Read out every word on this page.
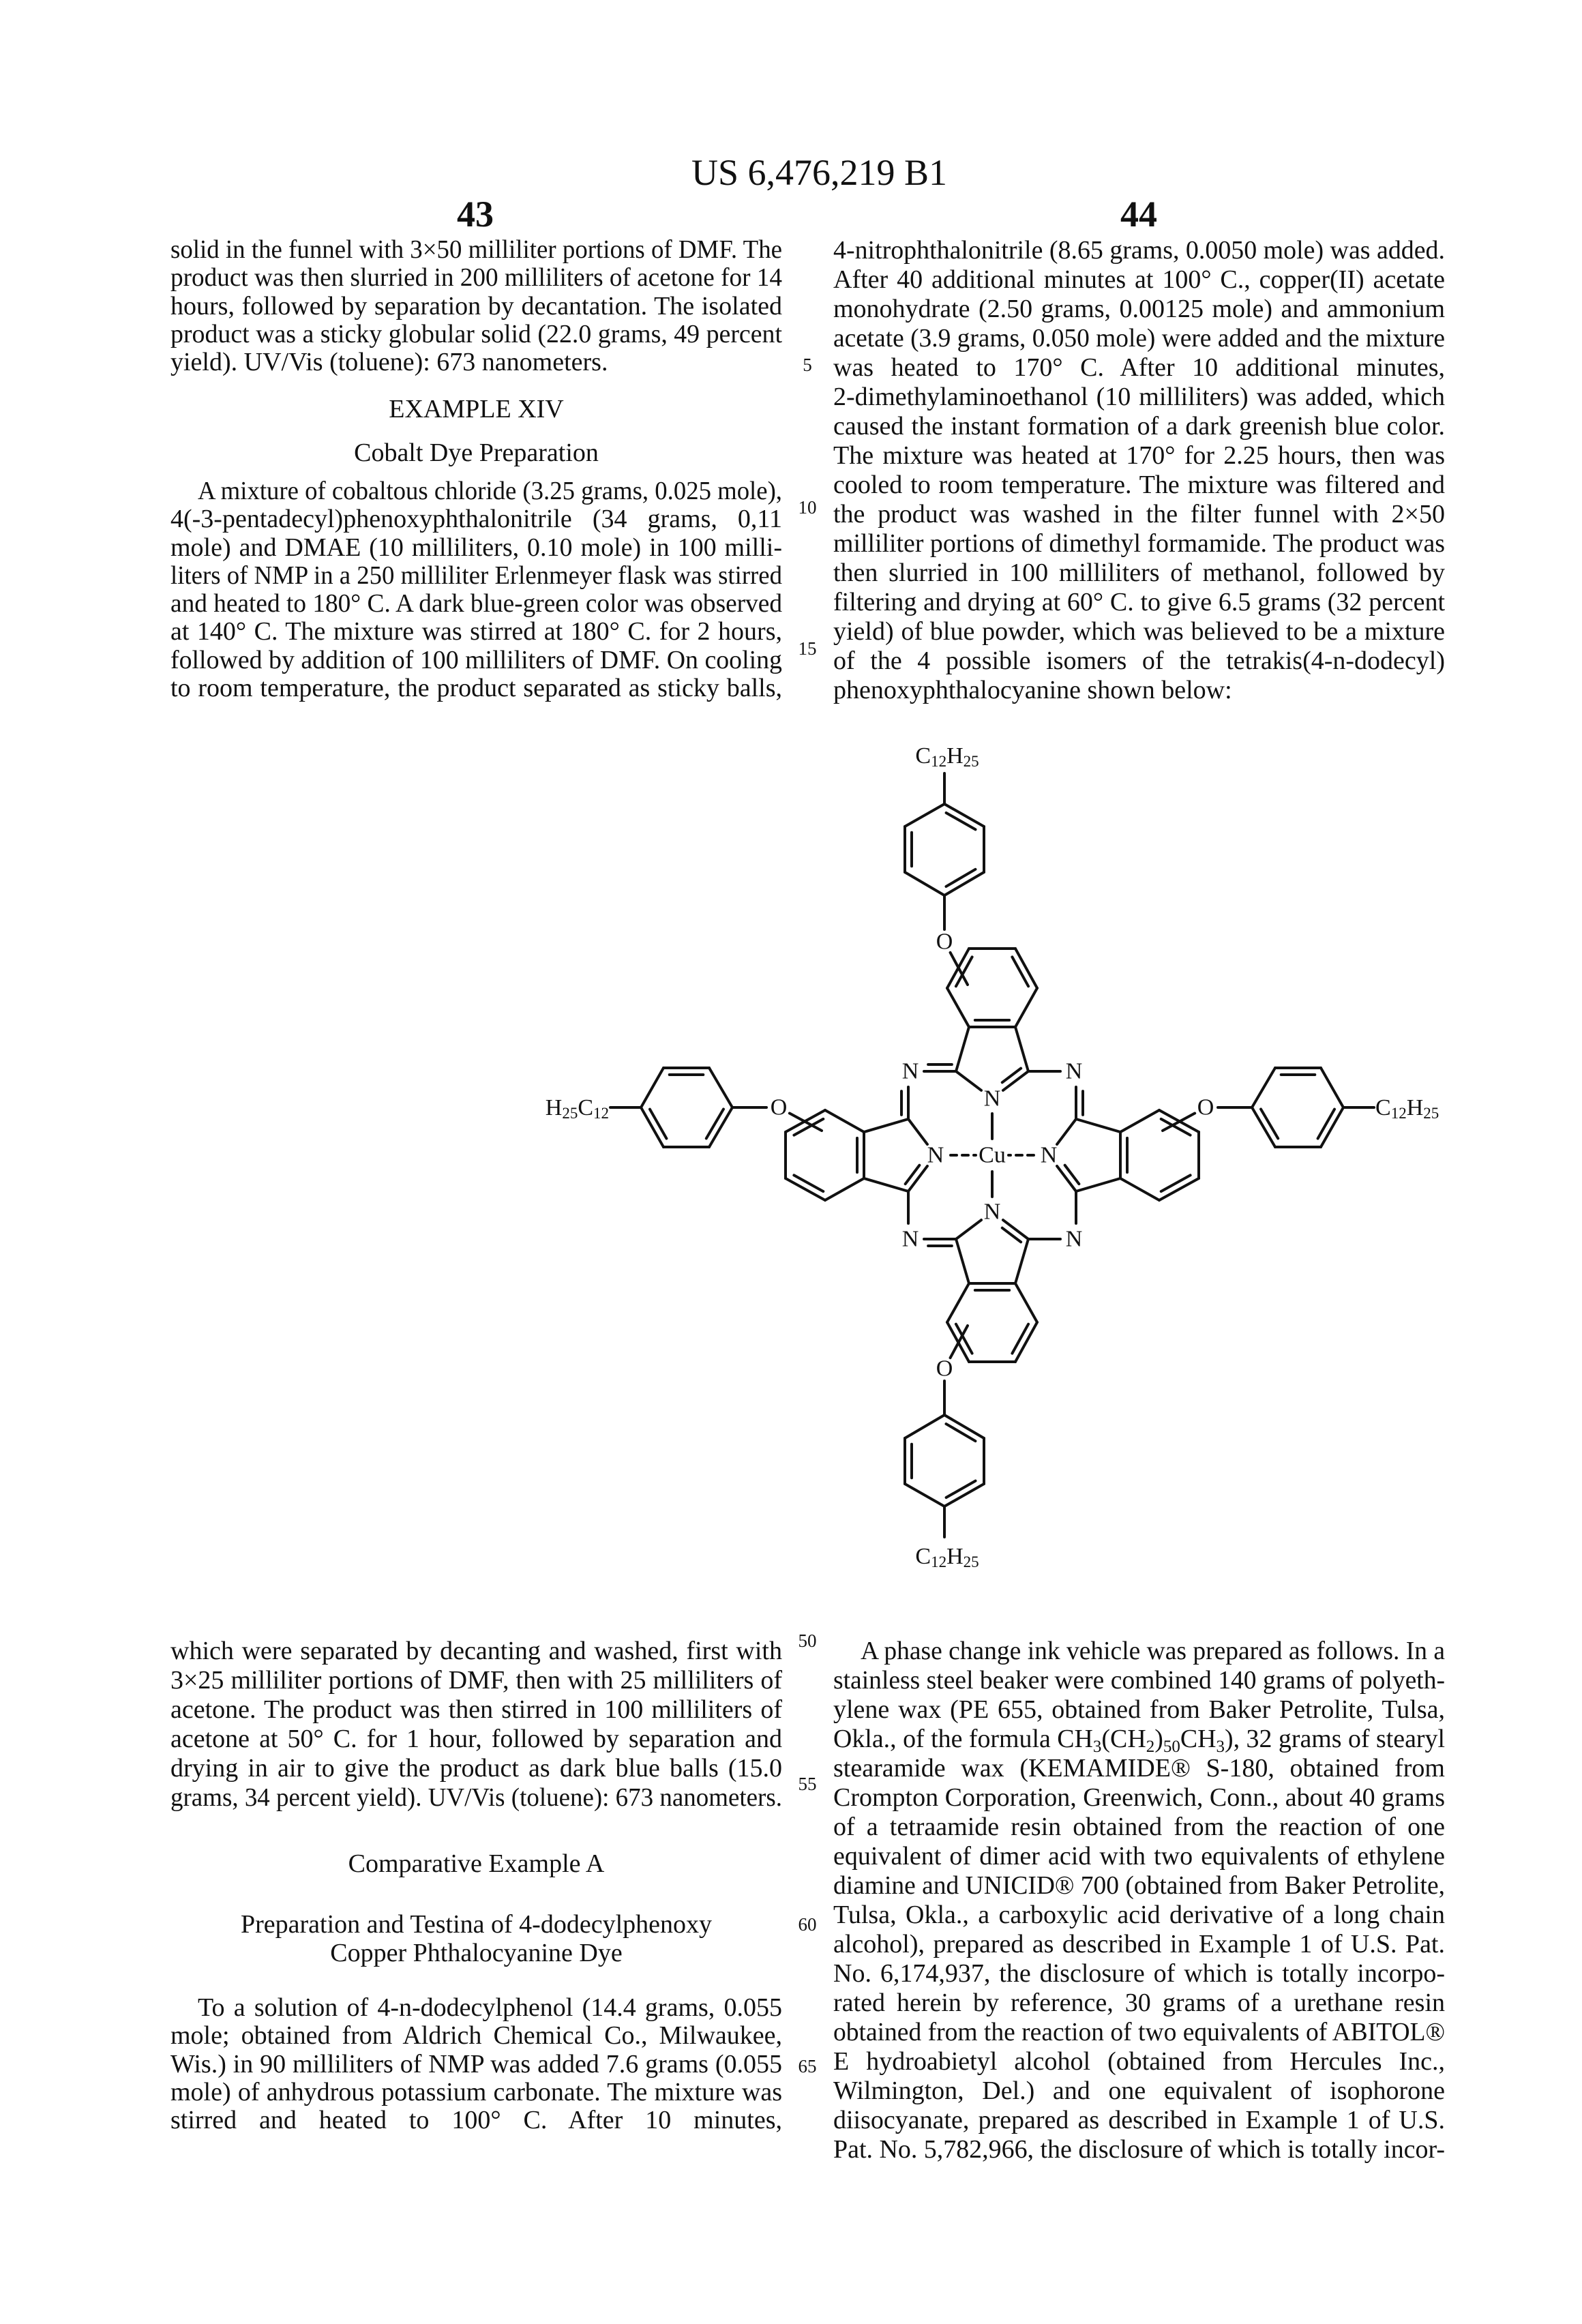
US 6,476,219 B1
43	44
solid in the funnel with 3×50 milliliter portions of DMF. The
product was then slurried in 200 milliliters of acetone for 14
hours, followed by separation by decantation. The isolated
product was a sticky globular solid (22.0 grams, 49 percent
yield). UV/Vis (toluene): 673 nanometers.
EXAMPLE XIV
Cobalt Dye Preparation
A mixture of cobaltous chloride (3.25 grams, 0.025 mole),
4(-3-pentadecyl)phenoxyphthalonitrile (34 grams, 0,11
mole) and DMAE (10 milliliters, 0.10 mole) in 100 milli-
liters of NMP in a 250 milliliter Erlenmeyer flask was stirred
and heated to 180° C. A dark blue-green color was observed
at 140° C. The mixture was stirred at 180° C. for 2 hours,
followed by addition of 100 milliliters of DMF. On cooling
to room temperature, the product separated as sticky balls,
which were separated by decanting and washed, first with
3×25 milliliter portions of DMF, then with 25 milliliters of
acetone. The product was then stirred in 100 milliliters of
acetone at 50° C. for 1 hour, followed by separation and
drying in air to give the product as dark blue balls (15.0
grams, 34 percent yield). UV/Vis (toluene): 673 nanometers.
Comparative Example A
Preparation and Testina of 4-dodecylphenoxy
Copper Phthalocyanine Dye
To a solution of 4-n-dodecylphenol (14.4 grams, 0.055
mole; obtained from Aldrich Chemical Co., Milwaukee,
Wis.) in 90 milliliters of NMP was added 7.6 grams (0.055
mole) of anhydrous potassium carbonate. The mixture was
stirred and heated to 100° C. After 10 minutes,
4-nitrophthalonitrile (8.65 grams, 0.0050 mole) was added.
After 40 additional minutes at 100° C., copper(II) acetate
monohydrate (2.50 grams, 0.00125 mole) and ammonium
acetate (3.9 grams, 0.050 mole) were added and the mixture
was heated to 170° C. After 10 additional minutes,
2-dimethylaminoethanol (10 milliliters) was added, which
caused the instant formation of a dark greenish blue color.
The mixture was heated at 170° for 2.25 hours, then was
cooled to room temperature. The mixture was filtered and
the product was washed in the filter funnel with 2×50
milliliter portions of dimethyl formamide. The product was
then slurried in 100 milliliters of methanol, followed by
filtering and drying at 60° C. to give 6.5 grams (32 percent
yield) of blue powder, which was believed to be a mixture
of the 4 possible isomers of the tetrakis(4-n-dodecyl)
phenoxyphthalocyanine shown below:
A phase change ink vehicle was prepared as follows. In a
stainless steel beaker were combined 140 grams of polyeth-
ylene wax (PE 655, obtained from Baker Petrolite, Tulsa,
Okla., of the formula CH3(CH2)50CH3), 32 grams of stearyl
stearamide wax (KEMAMIDE® S-180, obtained from
Crompton Corporation, Greenwich, Conn., about 40 grams
of a tetraamide resin obtained from the reaction of one
equivalent of dimer acid with two equivalents of ethylene
diamine and UNICID® 700 (obtained from Baker Petrolite,
Tulsa, Okla., a carboxylic acid derivative of a long chain
alcohol), prepared as described in Example 1 of U.S. Pat.
No. 6,174,937, the disclosure of which is totally incorpo-
rated herein by reference, 30 grams of a urethane resin
obtained from the reaction of two equivalents of ABITOL®
E hydroabietyl alcohol (obtained from Hercules Inc.,
Wilmington, Del.) and one equivalent of isophorone
diisocyanate, prepared as described in Example 1 of U.S.
Pat. No. 5,782,966, the disclosure of which is totally incor-
5
10
15
50
55
60
65
N
O
N	N
C12H25
N
O
N	N
C12H25
N
O
H25C12
N
O	C12H25
Cu
